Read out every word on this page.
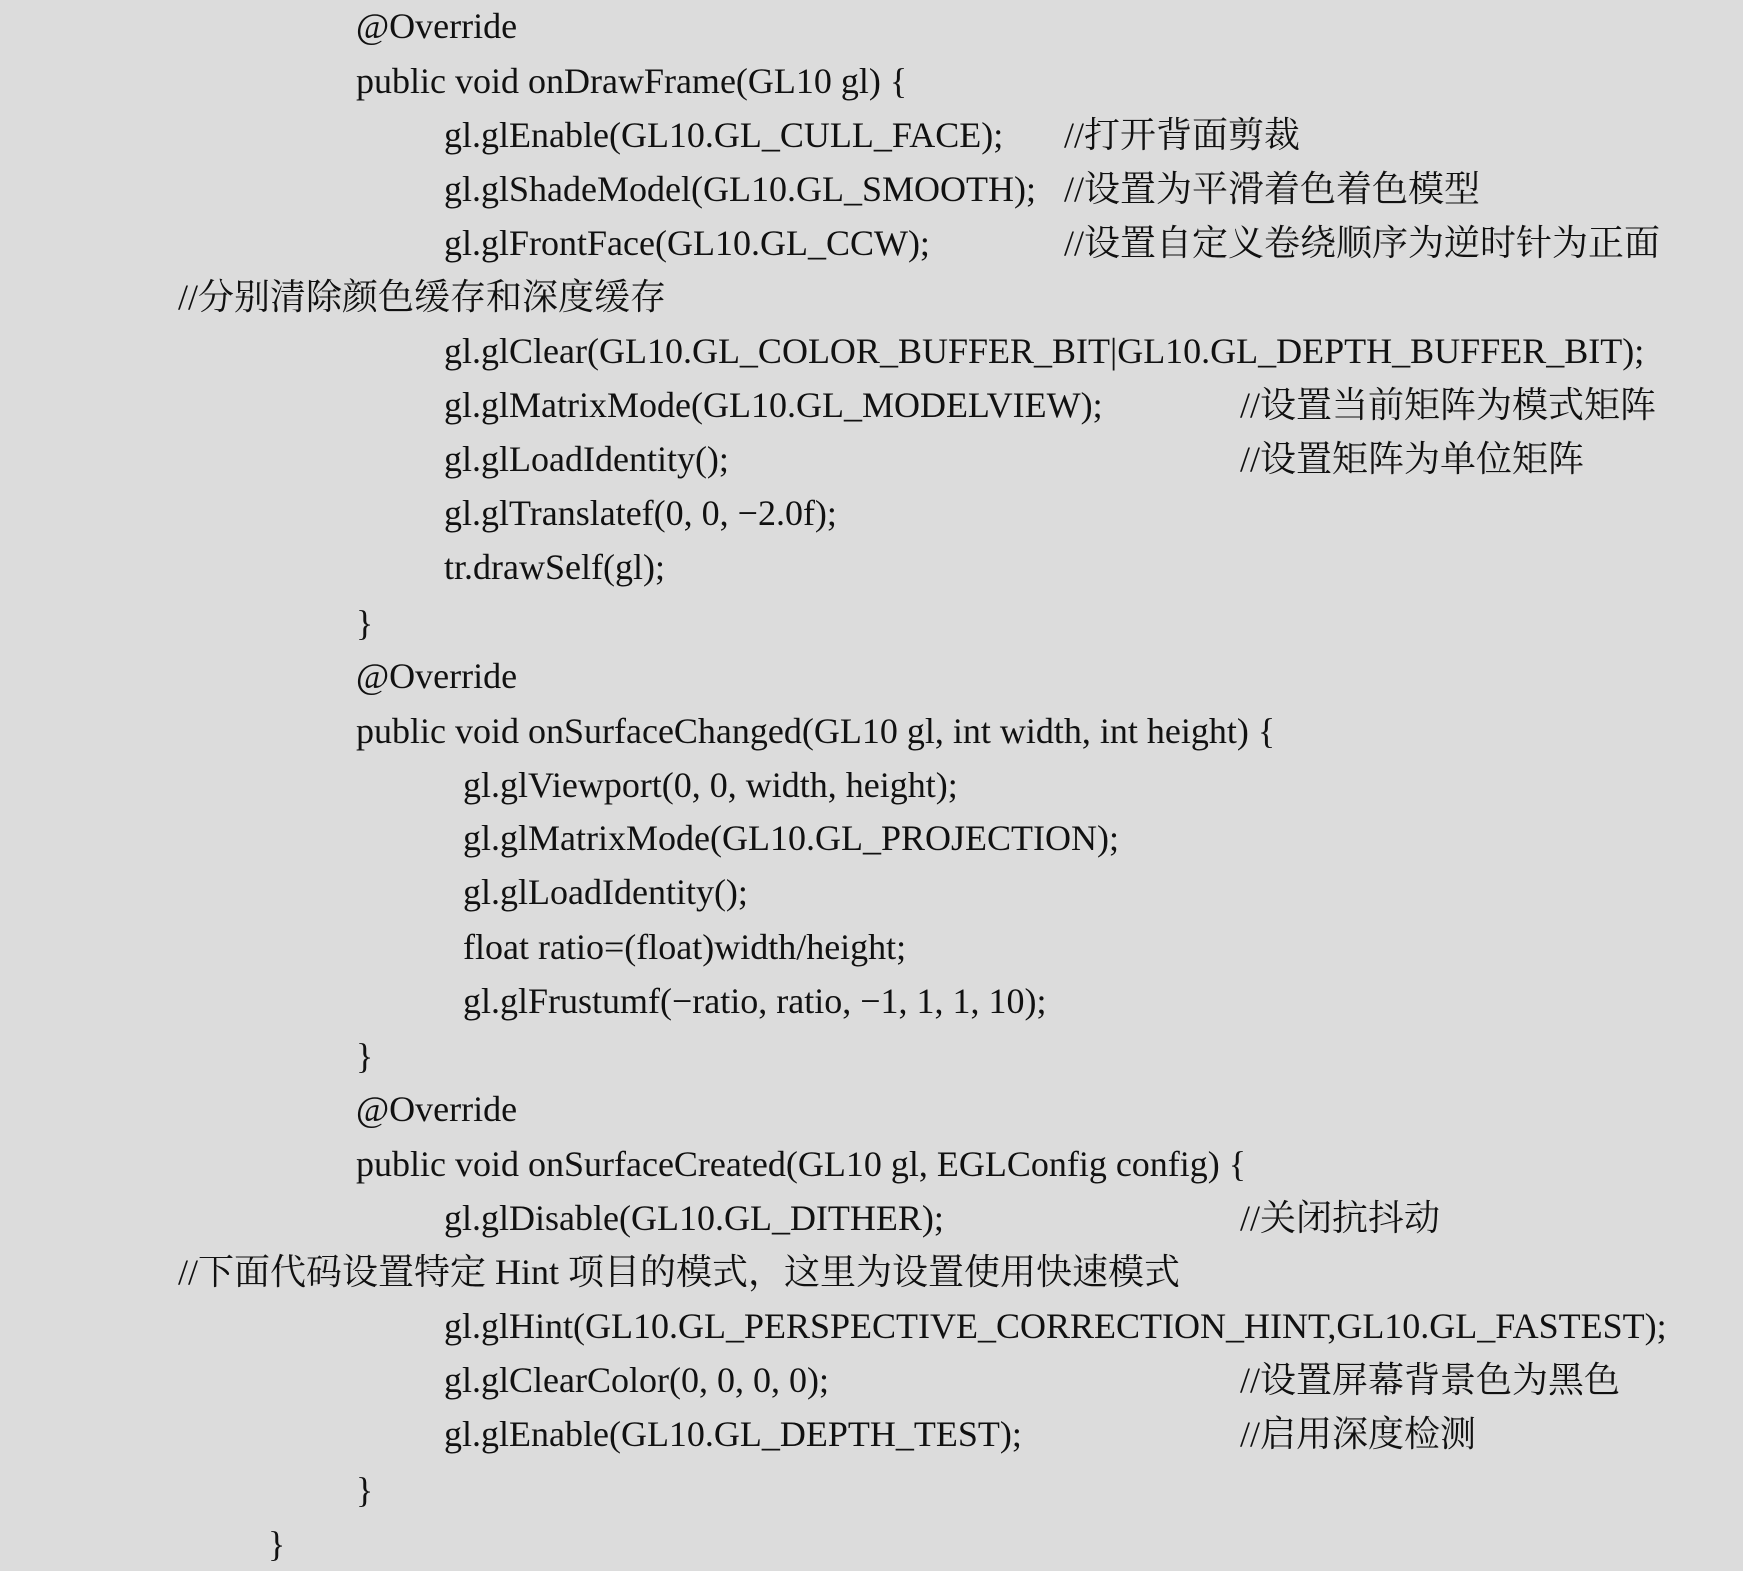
@Override
public void onDrawFrame(GL10 gl) {
gl.glEnable(GL10.GL_CULL_FACE); //打开背面剪裁
gl.glShadeModel(GL10.GL_SMOOTH); //设置为平滑着色着色模型
gl.glFrontFace(GL10.GL_CCW);	//设置自定义卷绕顺序为逆时针为正面
//分别清除颜色缓存和深度缓存
gl.glClear(GL10.GL_COLOR_BUFFER_BIT|GL10.GL_DEPTH_BUFFER_BIT);
gl.glMatrixMode(GL10.GL_MODELVIEW);	//设置当前矩阵为模式矩阵
gl.glLoadIdentity();	//设置矩阵为单位矩阵
gl.glTranslatef(0, 0, −2.0f);
tr.drawSelf(gl);
}
@Override
public void onSurfaceChanged(GL10 gl, int width, int height) {
gl.glViewport(0, 0, width, height);
gl.glMatrixMode(GL10.GL_PROJECTION);
gl.glLoadIdentity();
float ratio=(float)width/height;
gl.glFrustumf(−ratio, ratio, −1, 1, 1, 10);
}
@Override
public void onSurfaceCreated(GL10 gl, EGLConfig config) {
gl.glDisable(GL10.GL_DITHER);	//关闭抗抖动
//下面代码设置特定 Hint 项目的模式，这里为设置使用快速模式
gl.glHint(GL10.GL_PERSPECTIVE_CORRECTION_HINT,GL10.GL_FASTEST);
gl.glClearColor(0, 0, 0, 0);	//设置屏幕背景色为黑色
gl.glEnable(GL10.GL_DEPTH_TEST);	//启用深度检测
}
}
